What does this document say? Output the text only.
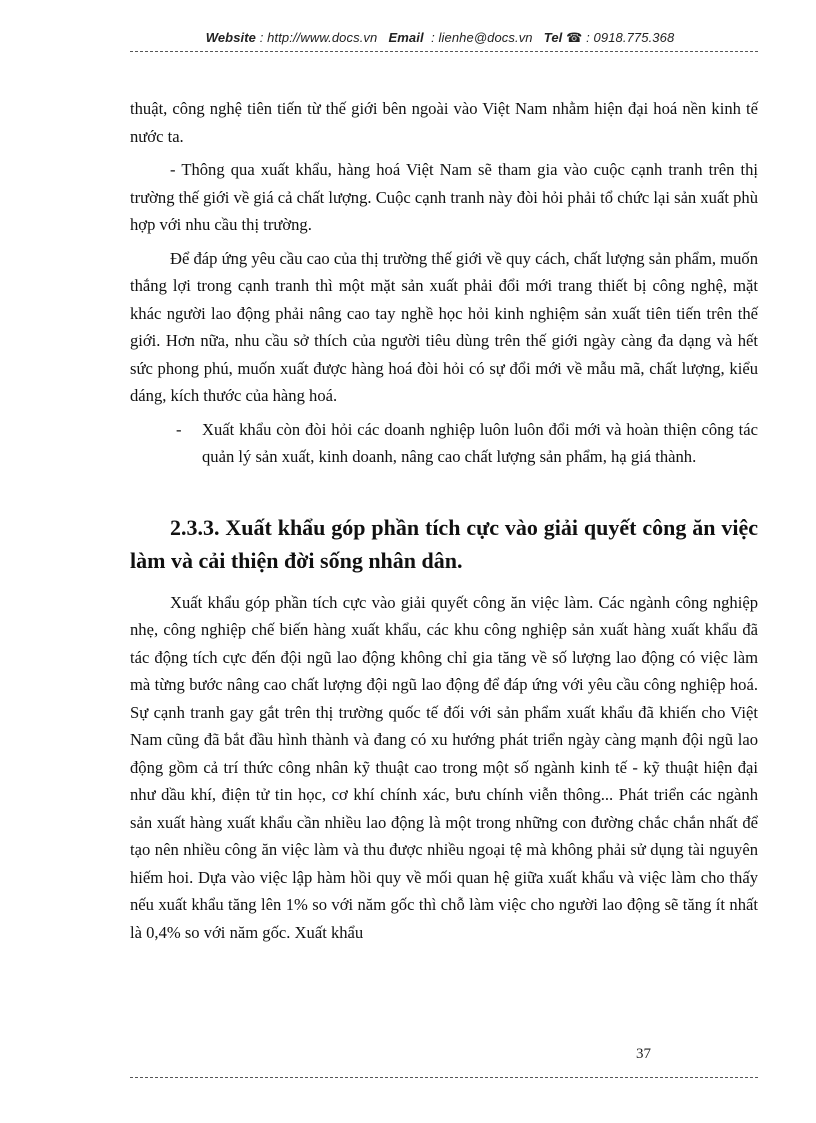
Website : http://www.docs.vn Email : lienhe@docs.vn Tel ☎ : 0918.775.368

thuật, công nghệ tiên tiến từ thế giới bên ngoài vào Việt Nam nhằm hiện đại hoá nền kinh tế nước ta.

- Thông qua xuất khẩu, hàng hoá Việt Nam sẽ tham gia vào cuộc cạnh tranh trên thị trường thế giới về giá cả chất lượng. Cuộc cạnh tranh này đòi hỏi phải tổ chức lại sản xuất phù hợp với nhu cầu thị trường.

Để đáp ứng yêu cầu cao của thị trường thế giới về quy cách, chất lượng sản phẩm, muốn thắng lợi trong cạnh tranh thì một mặt sản xuất phải đổi mới trang thiết bị công nghệ, mặt khác người lao động phải nâng cao tay nghề học hỏi kinh nghiệm sản xuất tiên tiến trên thế giới. Hơn nữa, nhu cầu sở thích của người tiêu dùng trên thế giới ngày càng đa dạng và hết sức phong phú, muốn xuất được hàng hoá đòi hỏi có sự đổi mới về mẫu mã, chất lượng, kiểu dáng, kích thước của hàng hoá.

- Xuất khẩu còn đòi hỏi các doanh nghiệp luôn luôn đổi mới và hoàn thiện công tác quản lý sản xuất, kinh doanh, nâng cao chất lượng sản phẩm, hạ giá thành.
2.3.3. Xuất khẩu góp phần tích cực vào giải quyết công ăn việc làm và cải thiện đời sống nhân dân.

Xuất khẩu góp phần tích cực vào giải quyết công ăn việc làm. Các ngành công nghiệp nhẹ, công nghiệp chế biến hàng xuất khẩu, các khu công nghiệp sản xuất hàng xuất khẩu đã tác động tích cực đến đội ngũ lao động không chỉ gia tăng về số lượng lao động có việc làm mà từng bước nâng cao chất lượng đội ngũ lao động để đáp ứng với yêu cầu công nghiệp hoá. Sự cạnh tranh gay gắt trên thị trường quốc tế đối với sản phẩm xuất khẩu đã khiến cho Việt Nam cũng đã bắt đầu hình thành và đang có xu hướng phát triển ngày càng mạnh đội ngũ lao động gồm cả trí thức công nhân kỹ thuật cao trong một số ngành kinh tế - kỹ thuật hiện đại như dầu khí, điện tử tin học, cơ khí chính xác, bưu chính viễn thông... Phát triển các ngành sản xuất hàng xuất khẩu cần nhiều lao động là một trong những con đường chắc chắn nhất để tạo nên nhiều công ăn việc làm và thu được nhiều ngoại tệ mà không phải sử dụng tài nguyên hiếm hoi. Dựa vào việc lập hàm hồi quy về mối quan hệ giữa xuất khẩu và việc làm cho thấy nếu xuất khẩu tăng lên 1% so với năm gốc thì chỗ làm việc cho người lao động sẽ tăng ít nhất là 0,4% so với năm gốc. Xuất khẩu

37
